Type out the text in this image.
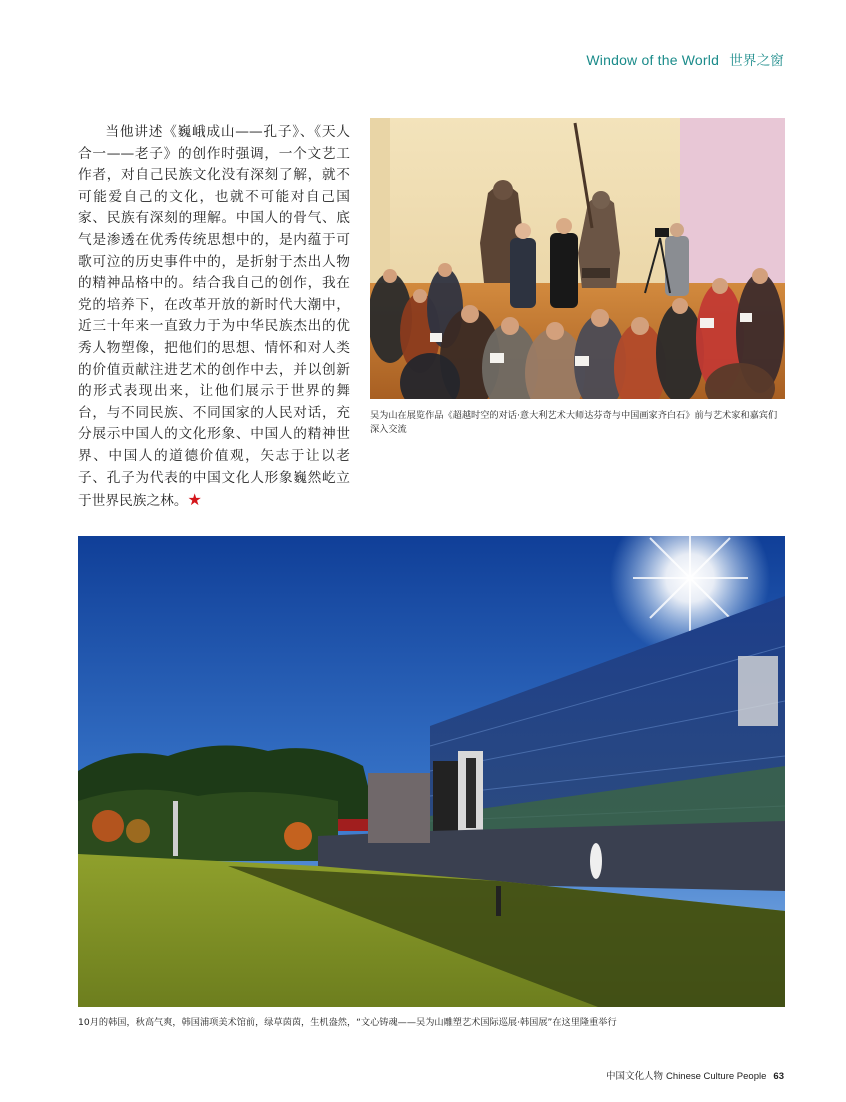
Window of the World 世界之窗
当他讲述《巍峨成山——孔子》、《天人合一——老子》的创作时强调，一个文艺工作者，对自己民族文化没有深刻了解，就不可能爱自己的文化，也就不可能对自己国家、民族有深刻的理解。中国人的骨气、底气是渗透在优秀传统思想中的，是内蕴于可歌可泣的历史事件中的，是折射于杰出人物的精神品格中的。结合我自己的创作，我在党的培养下，在改革开放的新时代大潮中，近三十年来一直致力于为中华民族杰出的优秀人物塑像，把他们的思想、情怀和对人类的价值贡献注进艺术的创作中去，并以创新的形式表现出来，让他们展示于世界的舞台，与不同民族、不同国家的人民对话，充分展示中国人的文化形象、中国人的精神世界、中国人的道德价值观，矢志于让以老子、孔子为代表的中国文化人形象巍然屹立于世界民族之林。★
吴为山在展览作品《超越时空的对话·意大利艺术大师达芬奇与中国画家齐白石》前与艺术家和嘉宾们深入交流
10月的韩国，秋高气爽，韩国浦项美术馆前，绿草茵茵，生机盎然，“文心铸魂——吴为山雕塑艺术国际巡展·韩国展”在这里隆重举行
中国文化人物 Chinese Culture People 63
